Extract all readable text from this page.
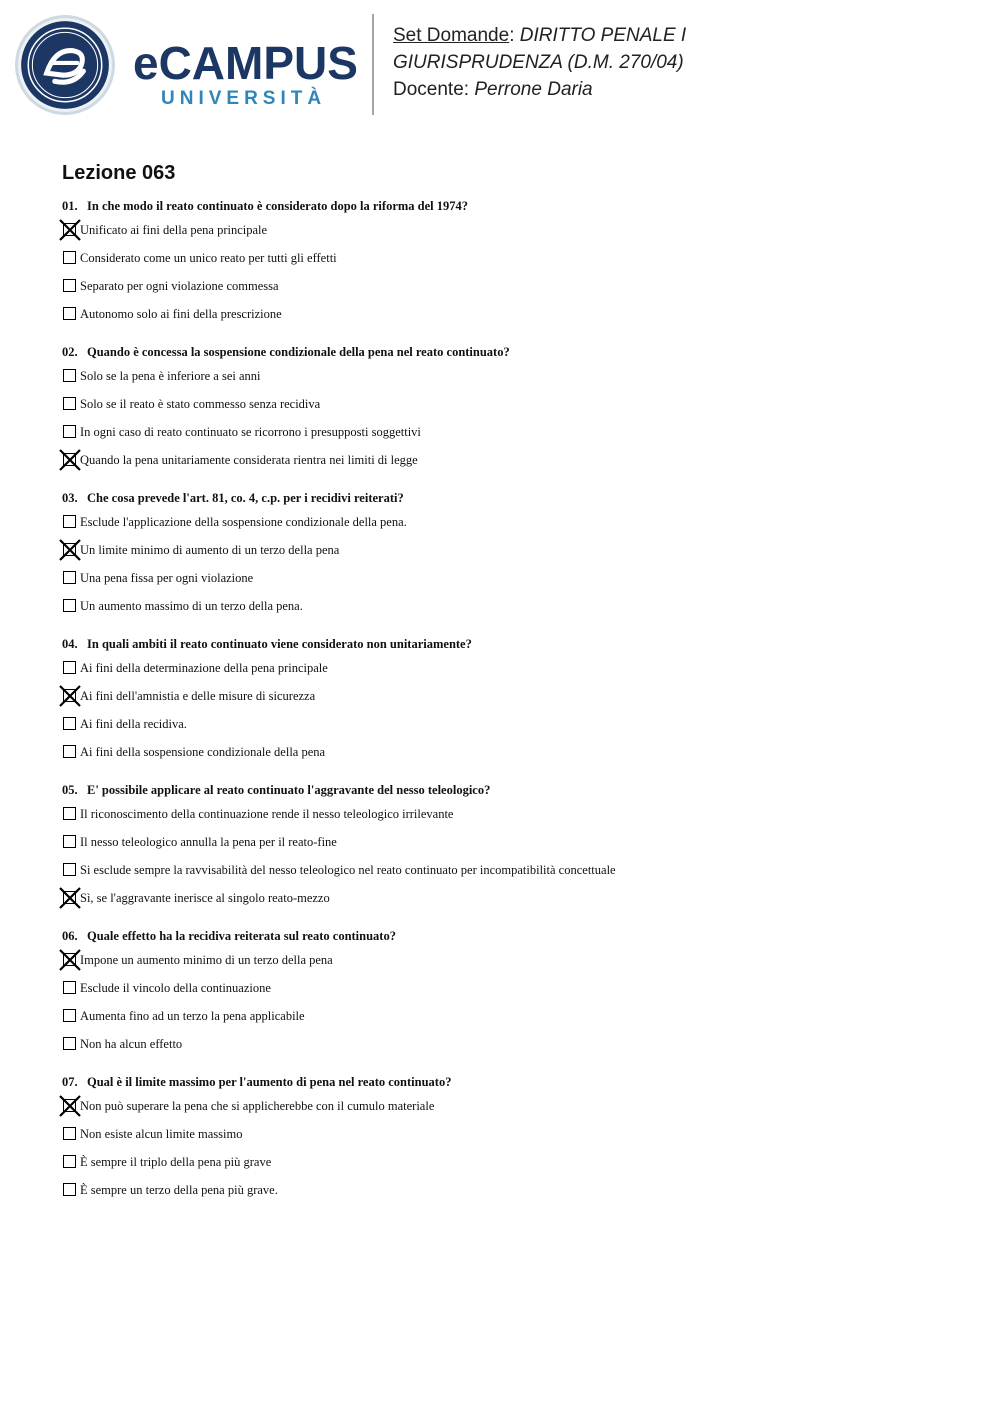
eCAMPUS
UNIVERSITÀ
Set Domande: DIRITTO PENALE I
GIURISPRUDENZA (D.M. 270/04)
Docente: Perrone Daria
Lezione 063
01. In che modo il reato continuato è considerato dopo la riforma del 1974?
Unificato ai fini della pena principale
Considerato come un unico reato per tutti gli effetti
Separato per ogni violazione commessa
Autonomo solo ai fini della prescrizione
02. Quando è concessa la sospensione condizionale della pena nel reato continuato?
Solo se la pena è inferiore a sei anni
Solo se il reato è stato commesso senza recidiva
In ogni caso di reato continuato se ricorrono i presupposti soggettivi
Quando la pena unitariamente considerata rientra nei limiti di legge
03. Che cosa prevede l'art. 81, co. 4, c.p. per i recidivi reiterati?
Esclude l'applicazione della sospensione condizionale della pena.
Un limite minimo di aumento di un terzo della pena
Una pena fissa per ogni violazione
Un aumento massimo di un terzo della pena.
04. In quali ambiti il reato continuato viene considerato non unitariamente?
Ai fini della determinazione della pena principale
Ai fini dell'amnistia e delle misure di sicurezza
Ai fini della recidiva.
Ai fini della sospensione condizionale della pena
05. E' possibile applicare al reato continuato l'aggravante del nesso teleologico?
Il riconoscimento della continuazione rende il nesso teleologico irrilevante
Il nesso teleologico annulla la pena per il reato-fine
Si esclude sempre la ravvisabilità del nesso teleologico nel reato continuato per incompatibilità concettuale
Sì, se l'aggravante inerisce al singolo reato-mezzo
06. Quale effetto ha la recidiva reiterata sul reato continuato?
Impone un aumento minimo di un terzo della pena
Esclude il vincolo della continuazione
Aumenta fino ad un terzo la pena applicabile
Non ha alcun effetto
07. Qual è il limite massimo per l'aumento di pena nel reato continuato?
Non può superare la pena che si applicherebbe con il cumulo materiale
Non esiste alcun limite massimo
È sempre il triplo della pena più grave
È sempre un terzo della pena più grave.
